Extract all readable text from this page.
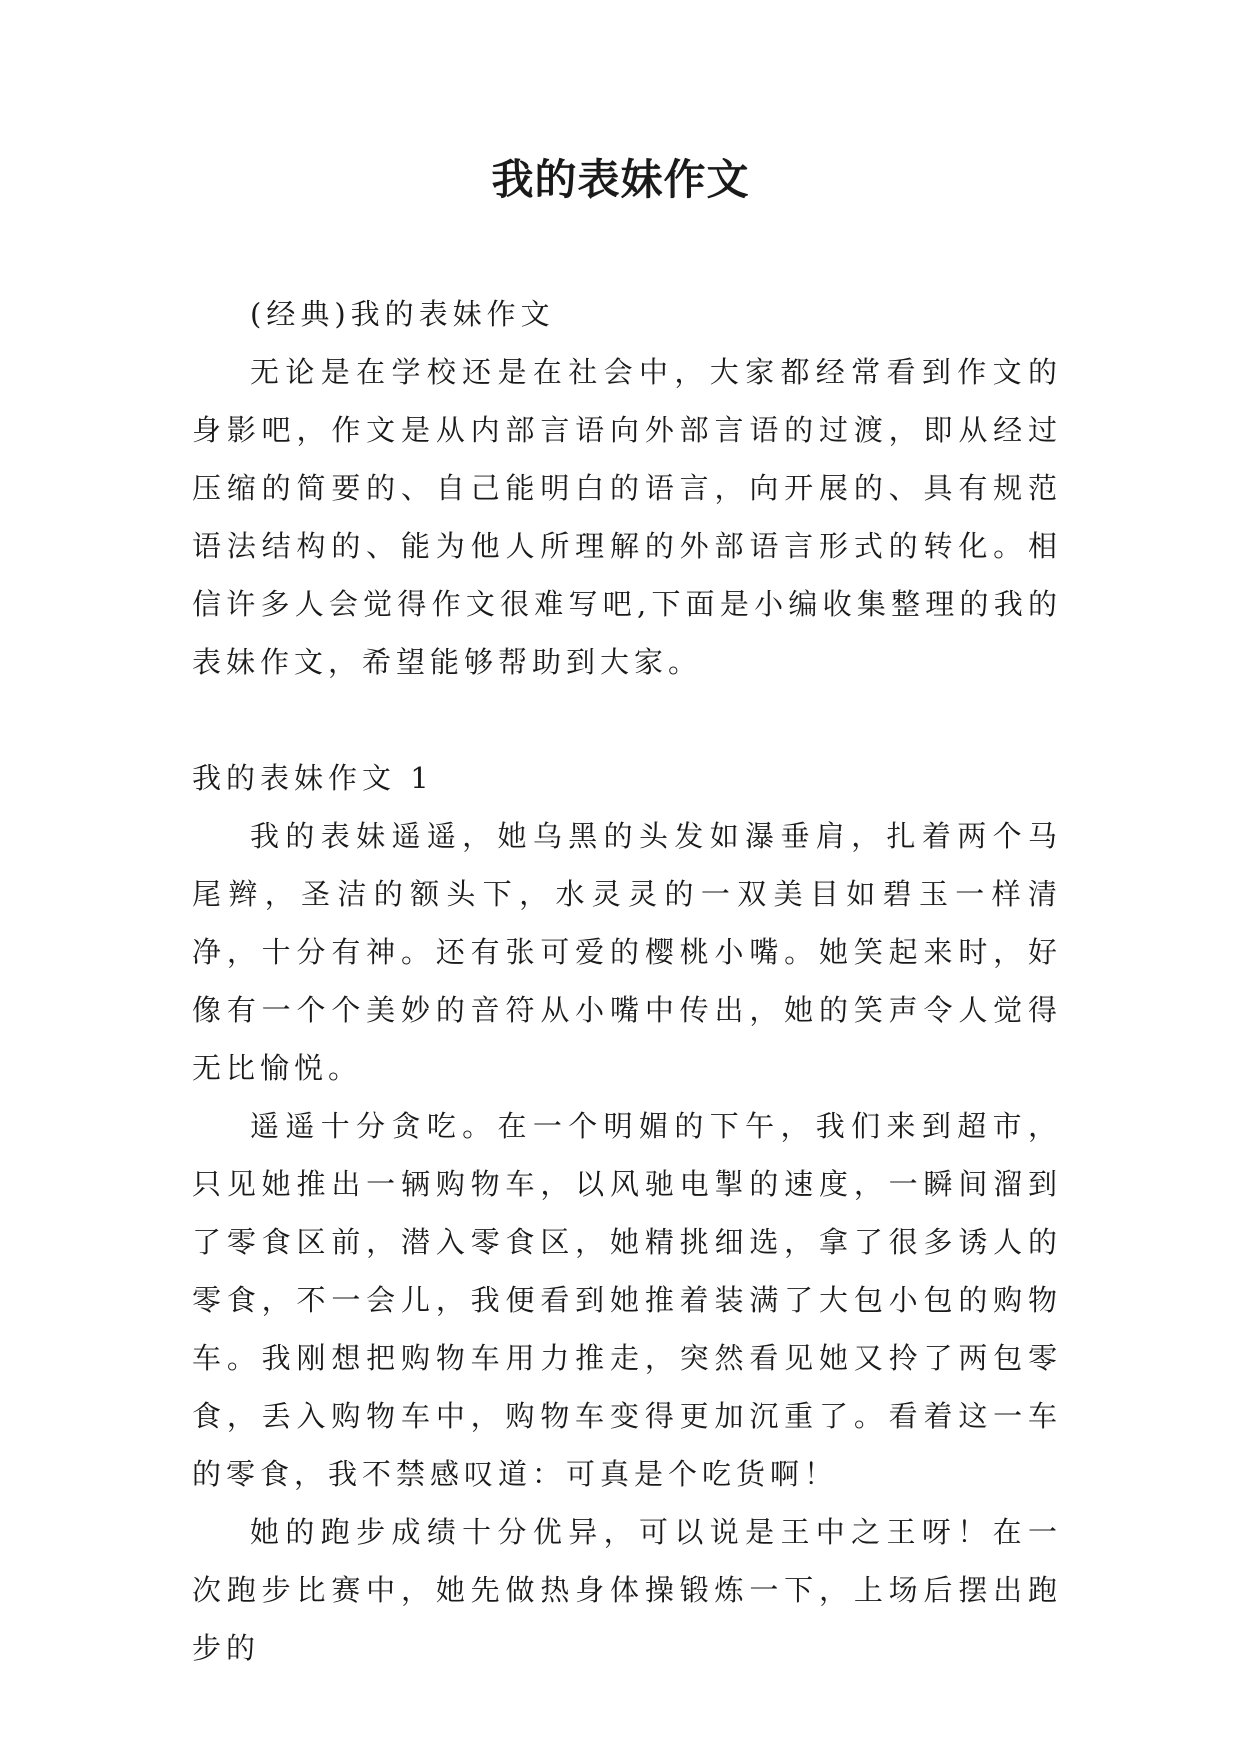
我的表妹作文

(经典)我的表妹作文

无论是在学校还是在社会中，大家都经常看到作文的身影吧，作文是从内部言语向外部言语的过渡，即从经过压缩的简要的、自己能明白的语言，向开展的、具有规范语法结构的、能为他人所理解的外部语言形式的转化。相信许多人会觉得作文很难写吧,下面是小编收集整理的我的表妹作文，希望能够帮助到大家。

我的表妹作文 1

我的表妹遥遥，她乌黑的头发如瀑垂肩，扎着两个马尾辫，圣洁的额头下，水灵灵的一双美目如碧玉一样清净，十分有神。还有张可爱的樱桃小嘴。她笑起来时，好像有一个个美妙的音符从小嘴中传出，她的笑声令人觉得无比愉悦。

遥遥十分贪吃。在一个明媚的下午，我们来到超市，只见她推出一辆购物车，以风驰电掣的速度，一瞬间溜到了零食区前，潜入零食区，她精挑细选，拿了很多诱人的零食，不一会儿，我便看到她推着装满了大包小包的购物车。我刚想把购物车用力推走，突然看见她又拎了两包零食，丢入购物车中，购物车变得更加沉重了。看着这一车的零食，我不禁感叹道：可真是个吃货啊！

她的跑步成绩十分优异，可以说是王中之王呀！在一次跑步比赛中，她先做热身体操锻炼一下，上场后摆出跑步的
